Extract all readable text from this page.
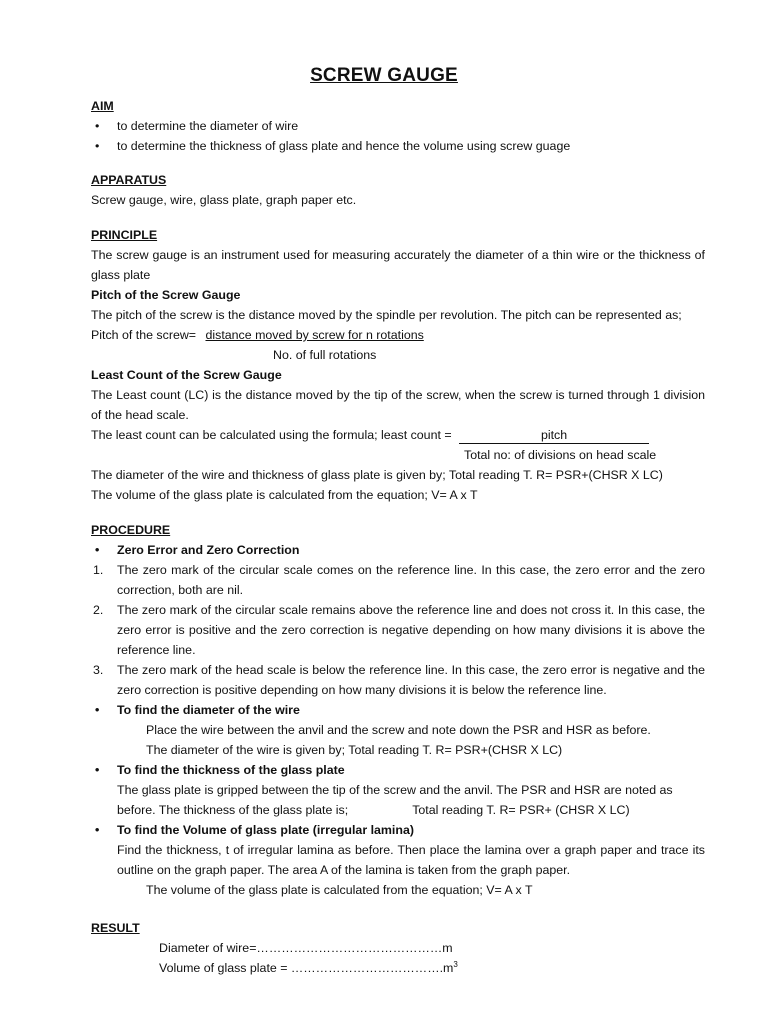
SCREW GAUGE
AIM
• to determine the diameter of wire
• to determine the thickness of glass plate and hence the volume using screw guage
APPARATUS
Screw gauge, wire, glass plate, graph paper etc.
PRINCIPLE
The screw gauge is an instrument used for measuring accurately the diameter of a thin wire or the thickness of glass plate
Pitch of the Screw Gauge
The pitch of the screw is the distance moved by the spindle per revolution. The pitch can be represented as;
Pitch of the screw= distance moved by screw for n rotations
No. of full rotations
Least Count of the Screw Gauge
The Least count (LC) is the distance moved by the tip of the screw, when the screw is turned through 1 division of the head scale.
The least count can be calculated using the formula; least count =	pitch
Total no: of divisions on head scale
The diameter of the wire and thickness of glass plate is given by; Total reading T. R= PSR+(CHSR X LC)
The volume of the glass plate is calculated from the equation; V= A x T
PROCEDURE
• Zero Error and Zero Correction
1. The zero mark of the circular scale comes on the reference line. In this case, the zero error and the zero correction, both are nil.
2. The zero mark of the circular scale remains above the reference line and does not cross it. In this case, the zero error is positive and the zero correction is negative depending on how many divisions it is above the reference line.
3. The zero mark of the head scale is below the reference line. In this case, the zero error is negative and the zero correction is positive depending on how many divisions it is below the reference line.
• To find the diameter of the wire
Place the wire between the anvil and the screw and note down the PSR and HSR as before.
The diameter of the wire is given by; Total reading T. R= PSR+(CHSR X LC)
• To find the thickness of the glass plate
The glass plate is gripped between the tip of the screw and the anvil. The PSR and HSR are noted as
before. The thickness of the glass plate is;	Total reading T. R= PSR+ (CHSR X LC)
• To find the Volume of glass plate (irregular lamina)
Find the thickness, t of irregular lamina as before. Then place the lamina over a graph paper and trace its outline on the graph paper. The area A of the lamina is taken from the graph paper.
The volume of the glass plate is calculated from the equation; V= A x T
RESULT
Diameter of wire=………………………………………m
Volume of glass plate = $\dots\dots\dots\dots\dots\dots\dots\dots\dots\dots\dots\dots.m^3$
